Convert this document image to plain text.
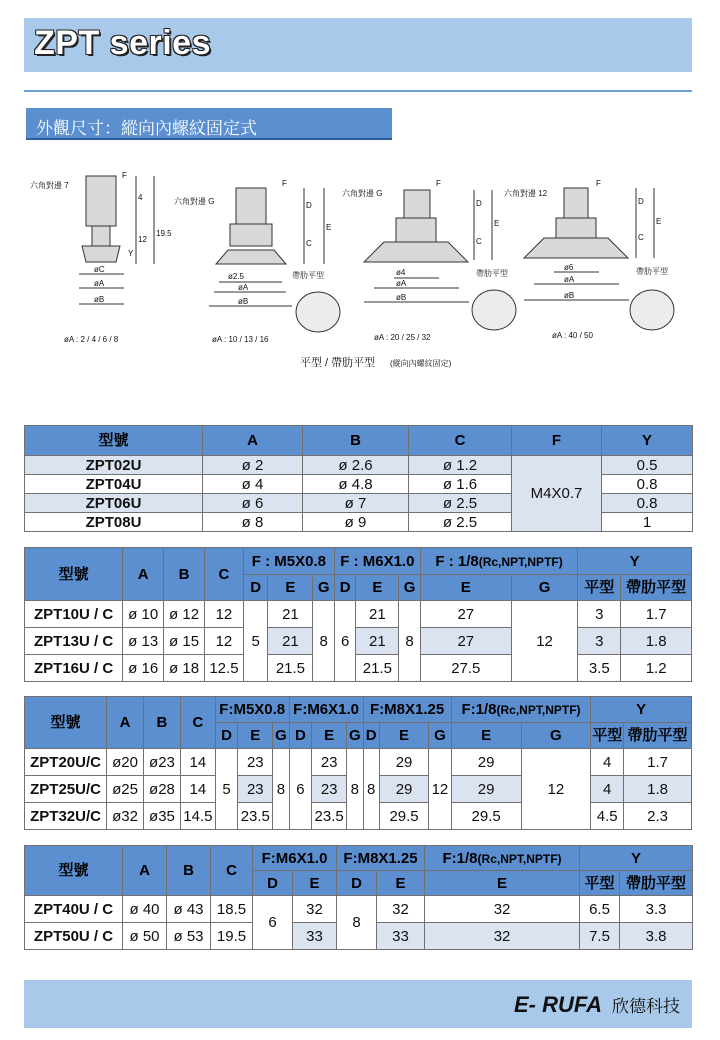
ZPT series
外觀尺寸：縱向內螺紋固定式
六角對邊 7
六角對邊 G
六角對邊 G	六角對邊 12
F
4
12
19.5
Y
øC
øA
øB
F
D
C
E
ø2.5
øA
øB
帶肋平型
F
D
C
E
ø4
øA
øB
帶肋平型
F
D
C
E
ø6
øA
øB
帶肋平型
øA : 2 / 4 / 6 / 8	øA : 10 / 13 / 16	øA : 20 / 25 / 32	øA : 40 / 50
平型 / 帶肋平型 (縱向內螺紋固定)
型號	A	B	C	F	Y
ZPT02U	ø 2	ø 2.6	ø 1.2	M4X0.7	0.5
ZPT04U	ø 4	ø 4.8	ø 1.6		0.8
ZPT06U	ø 6	ø 7	ø 2.5		0.8
ZPT08U	ø 8	ø 9	ø 2.5		1
型號	A	B	C	F : M5X0.8			F : M6X1.0			F : 1/8(Rc,NPT,NPTF)		Y	
				D	E	G	D	E	G	E	G	平型	帶肋平型
ZPT10U / C	ø 10	ø 12	12	5	21	8	6	21	8	27	12	3	1.7
ZPT13U / C	ø 13	ø 15	12		21			21		27		3	1.8
ZPT16U / C	ø 16	ø 18	12.5		21.5			21.5		27.5		3.5	1.2
型號	A	B	C	F:M5X0.8			F:M6X1.0			F:M8X1.25			F:1/8(Rc,NPT,NPTF)		Y	
				D	E	G	D	E	G	D	E	G	E	G	平型	帶肋平型
ZPT20U/C	ø20	ø23	14	5	23	8	6	23	8	8	29	12	29	12	4	1.7
ZPT25U/C	ø25	ø28	14		23			23			29		29		4	1.8
ZPT32U/C	ø32	ø35	14.5		23.5			23.5			29.5		29.5		4.5	2.3
型號	A	B	C	F:M6X1.0		F:M8X1.25		F:1/8(Rc,NPT,NPTF)	Y	
				D	E	D	E	E	平型	帶肋平型
ZPT40U / C	ø 40	ø 43	18.5	6	32	8	32	32	6.5	3.3
ZPT50U / C	ø 50	ø 53	19.5		33		33	32	7.5	3.8
E- RUFA 欣德科技
